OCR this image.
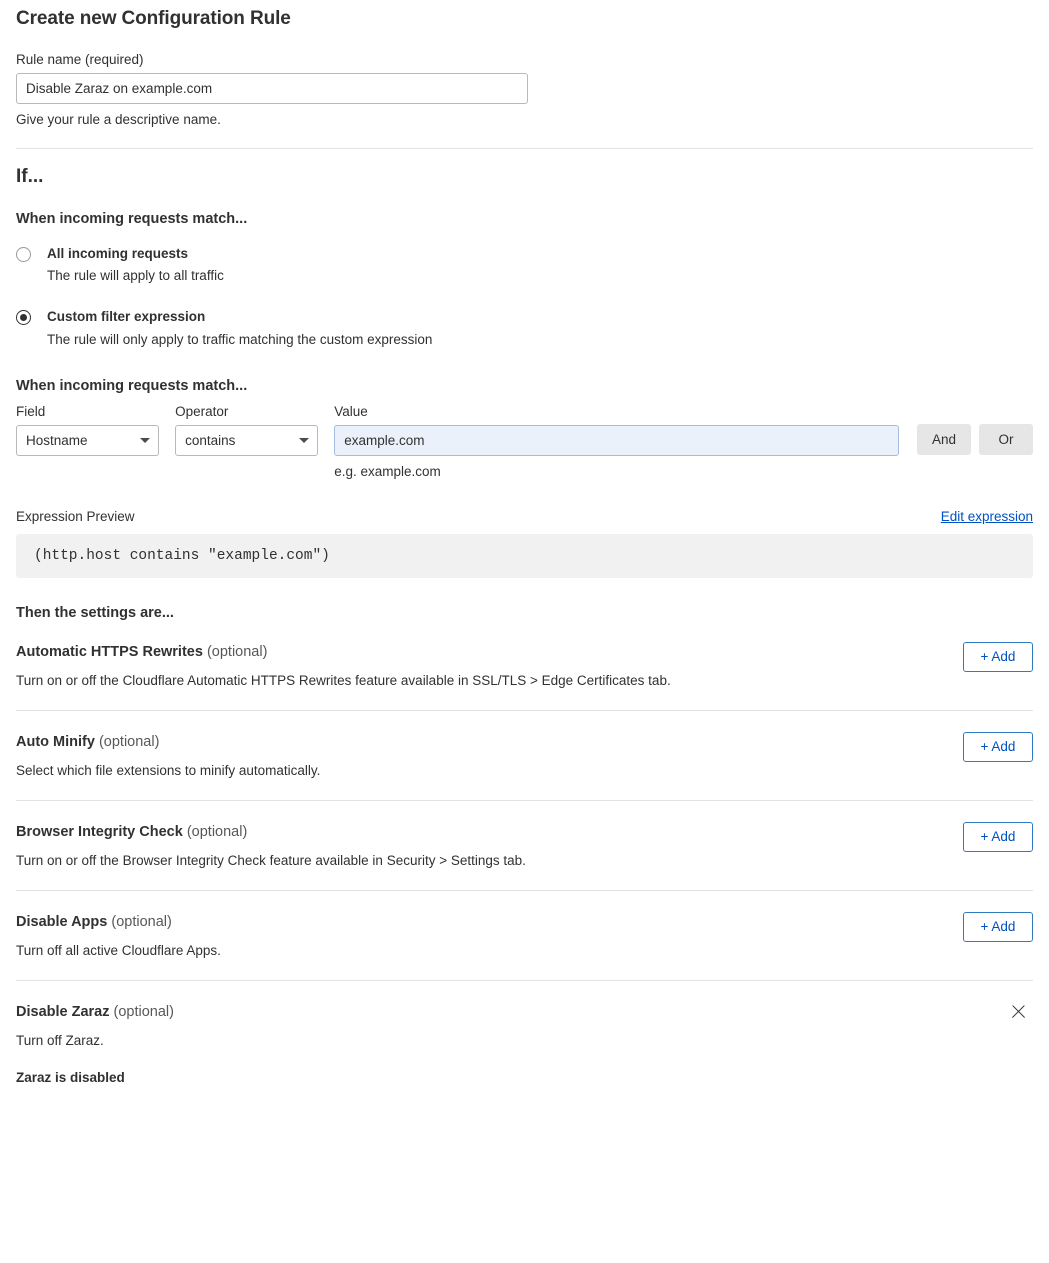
Create new Configuration Rule
Rule name (required)
Disable Zaraz on example.com
Give your rule a descriptive name.
If...
When incoming requests match...
All incoming requests
The rule will apply to all traffic
Custom filter expression
The rule will only apply to traffic matching the custom expression
When incoming requests match...
Field
Hostname
Operator
contains
Value
example.com
e.g. example.com
And	Or
Expression Preview	Edit expression
(http.host contains "example.com")
Then the settings are...
Automatic HTTPS Rewrites (optional)
Turn on or off the Cloudflare Automatic HTTPS Rewrites feature available in SSL/TLS > Edge Certificates tab.
+ Add
Auto Minify (optional)
Select which file extensions to minify automatically.
+ Add
Browser Integrity Check (optional)
Turn on or off the Browser Integrity Check feature available in Security > Settings tab.
+ Add
Disable Apps (optional)
Turn off all active Cloudflare Apps.
+ Add
Disable Zaraz (optional)
Turn off Zaraz.
Zaraz is disabled
